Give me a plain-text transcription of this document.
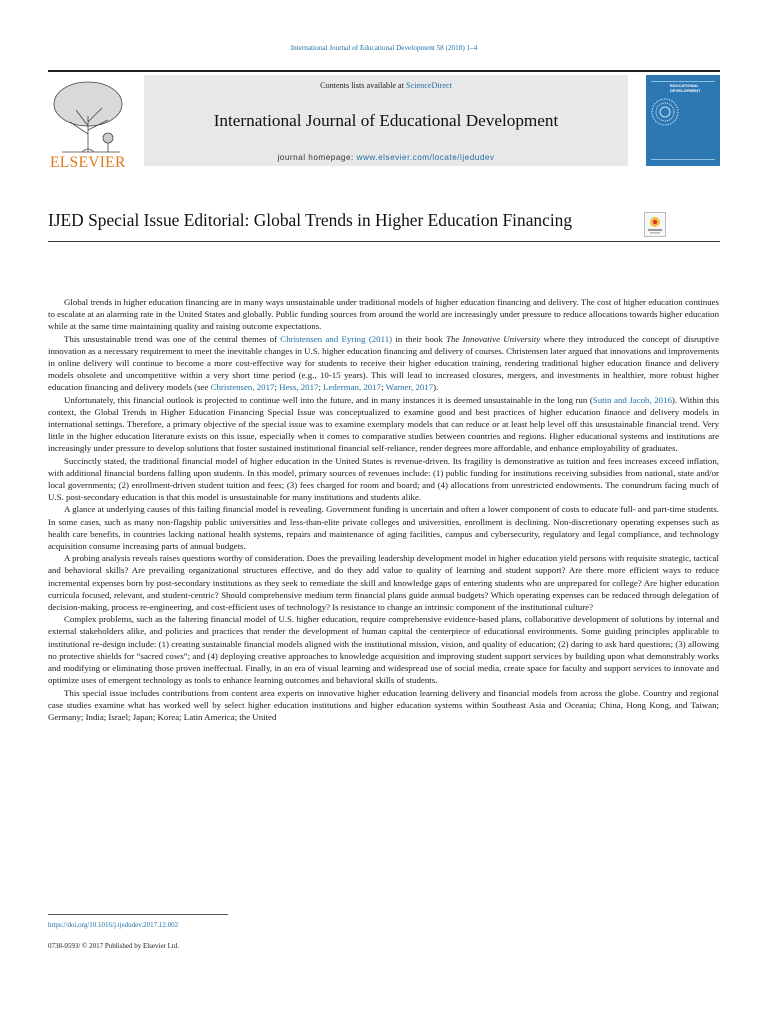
International Journal of Educational Development 58 (2018) 1–4
ELSEVIER
Contents lists available at ScienceDirect
International Journal of Educational Development
journal homepage: www.elsevier.com/locate/ijedudev
EDUCATIONAL DEVELOPMENT
IJED Special Issue Editorial: Global Trends in Higher Education Financing

Global trends in higher education financing are in many ways unsustainable under traditional models of higher education financing and delivery. The cost of higher education continues to escalate at an alarming rate in the United States and globally. Public funding sources from around the world are increasingly under pressure to reduce allocations towards higher education while at the same time maintaining quality and raising outcome expectations.

This unsustainable trend was one of the central themes of Christensen and Eyring (2011) in their book The Innovative University where they introduced the concept of disruptive innovation as a necessary requirement to meet the inevitable changes in U.S. higher education financing and delivery of courses. Christensen later argued that innovations and improvements in online delivery will continue to become a more cost-effective way for students to receive their higher education training, rendering traditional higher education finance and delivery models obsolete and uncompetitive within a very short time period (e.g., 10-15 years). This will lead to increased closures, mergers, and investments in healthier, more robust higher education financing and delivery models (see Christensen, 2017; Hess, 2017; Lederman, 2017; Warner, 2017).

Unfortunately, this financial outlook is projected to continue well into the future, and in many instances it is deemed unsustainable in the long run (Sutin and Jacob, 2016). Within this context, the Global Trends in Higher Education Financing Special Issue was conceptualized to examine good and best practices of higher education finance and delivery models in international settings. Therefore, a primary objective of the special issue was to examine exemplary models that can reduce or at least help level off this unsustainable financial trend. Very little in the higher education literature exists on this issue, especially when it comes to comparative studies between countries and regions. Higher educational systems and institutions are increasingly under pressure to develop solutions that foster sustained institutional financial self-reliance, render degrees more affordable, and enhance employability of graduates.

Succinctly stated, the traditional financial model of higher education in the United States is revenue-driven. Its fragility is demonstrative as tuition and fees increases exceed inflation, with additional financial burdens falling upon students. In this model, primary sources of revenues include: (1) public funding for institutions receiving subsidies from national, state and/or local governments; (2) enrollment-driven student tuition and fees; (3) fees charged for room and board; and (4) allocations from unrestricted endowments. The conundrum facing much of U.S. post-secondary education is that this model is unsustainable for many institutions and students alike.

A glance at underlying causes of this failing financial model is revealing. Government funding is uncertain and often a lower component of costs to educate full- and part-time students. In some cases, such as many non-flagship public universities and less-than-elite private colleges and universities, enrollment is declining. Non-discretionary operating expenses such as health care benefits, in countries lacking national health systems, repairs and maintenance of aging facilities, campus and cybersecurity, regulatory and legal compliance, and technology acquisition consume increasing parts of annual budgets.

A probing analysis reveals raises questions worthy of consideration. Does the prevailing leadership development model in higher education yield persons with requisite strategic, tactical and behavioral skills? Are prevailing organizational structures effective, and do they add value to quality of learning and student support? Are there more efficient ways to reduce incremental expenses born by post-secondary institutions as they seek to remediate the skill and knowledge gaps of entering students who are unprepared for college? Are higher education curricula focused, relevant, and student-centric? Should comprehensive medium term financial plans guide annual budgets? Which operating expenses can be reduced through delegation of decision-making, process re-engineering, and cost-efficient uses of technology? Is resistance to change an intrinsic component of the institutional culture?

Complex problems, such as the faltering financial model of U.S. higher education, require comprehensive evidence-based plans, collaborative development of solutions by internal and external stakeholders alike, and policies and practices that render the development of human capital the centerpiece of educational environments. Some guiding principles applicable to institutional re-design include: (1) creating sustainable financial models aligned with the institutional mission, vision, and quality of education; (2) daring to ask hard questions; (3) allowing no protective shields for “sacred cows”; and (4) deploying creative approaches to knowledge acquisition and improving student support services by building upon what demonstrably works and modifying or eliminating those proven ineffectual. Finally, in an era of visual learning and widespread use of social media, create space for faculty and support services to innovate and optimize uses of emergent technology as tools to enhance learning outcomes and behavioral skills of students.

This special issue includes contributions from content area experts on innovative higher education learning delivery and financial models from across the globe. Country and regional case studies examine what has worked well by select higher education institutions and higher education systems within Southeast Asia and Oceania; China, Hong Kong, and Taiwan; Germany; India; Israel; Japan; Korea; Latin America; the United

https://doi.org/10.1016/j.ijedudev.2017.12.002
0738-0593/ © 2017 Published by Elsevier Ltd.
